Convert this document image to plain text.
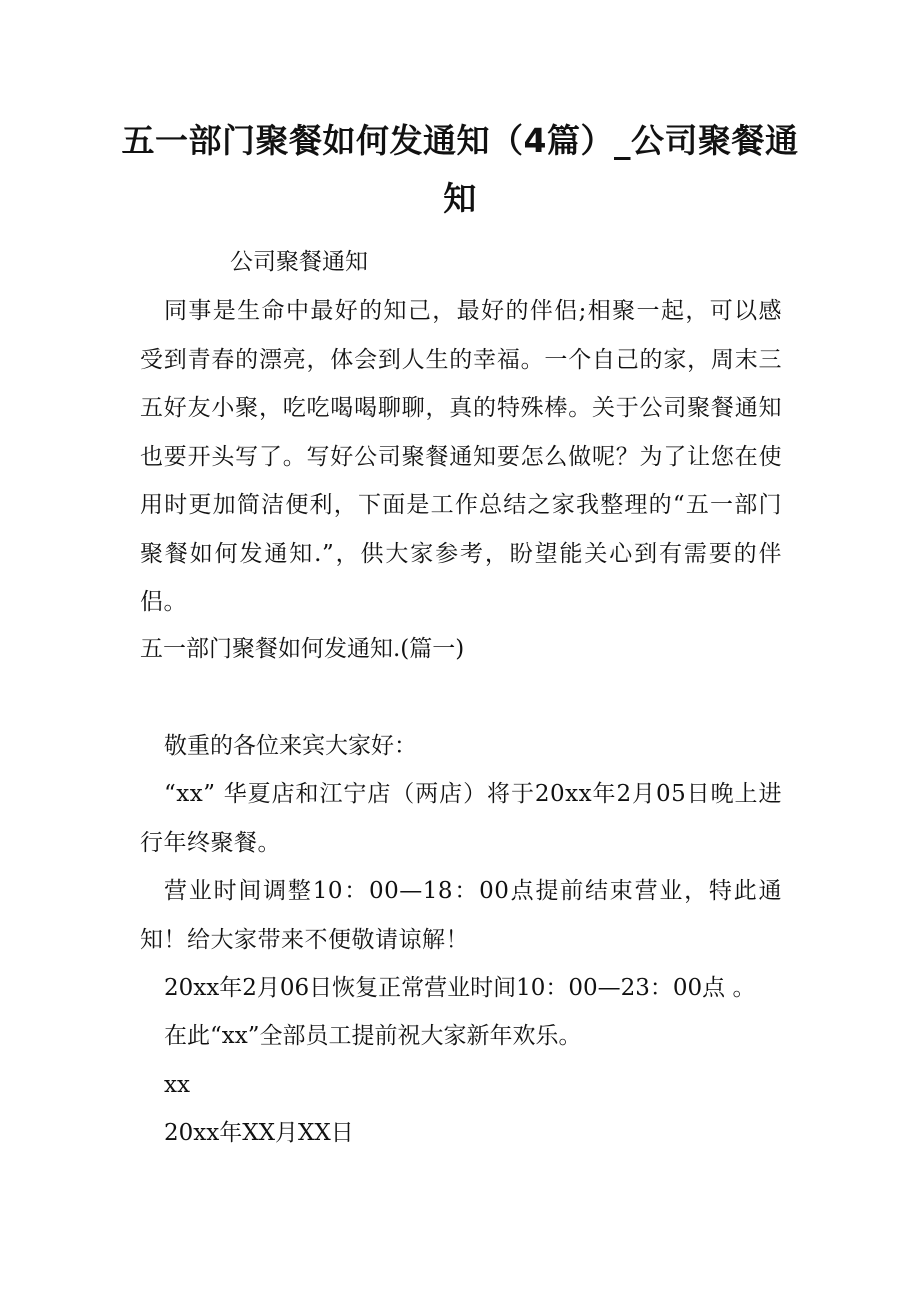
五一部门聚餐如何发通知（4篇）_公司聚餐通知

公司聚餐通知

同事是生命中最好的知己，最好的伴侣;相聚一起，可以感受到青春的漂亮，体会到人生的幸福。一个自己的家，周末三五好友小聚，吃吃喝喝聊聊，真的特殊棒。关于公司聚餐通知也要开头写了。写好公司聚餐通知要怎么做呢？为了让您在使用时更加简洁便利，下面是工作总结之家我整理的“五一部门聚餐如何发通知.”，供大家参考，盼望能关心到有需要的伴侣。

五一部门聚餐如何发通知.(篇一)

敬重的各位来宾大家好：

“xx” 华夏店和江宁店（两店）将于20xx年2月05日晚上进行年终聚餐。

营业时间调整10：00—18：00点提前结束营业，特此通知！给大家带来不便敬请谅解！

20xx年2月06日恢复正常营业时间10：00—23：00点 。

在此“xx”全部员工提前祝大家新年欢乐。

xx

20xx年XX月XX日
